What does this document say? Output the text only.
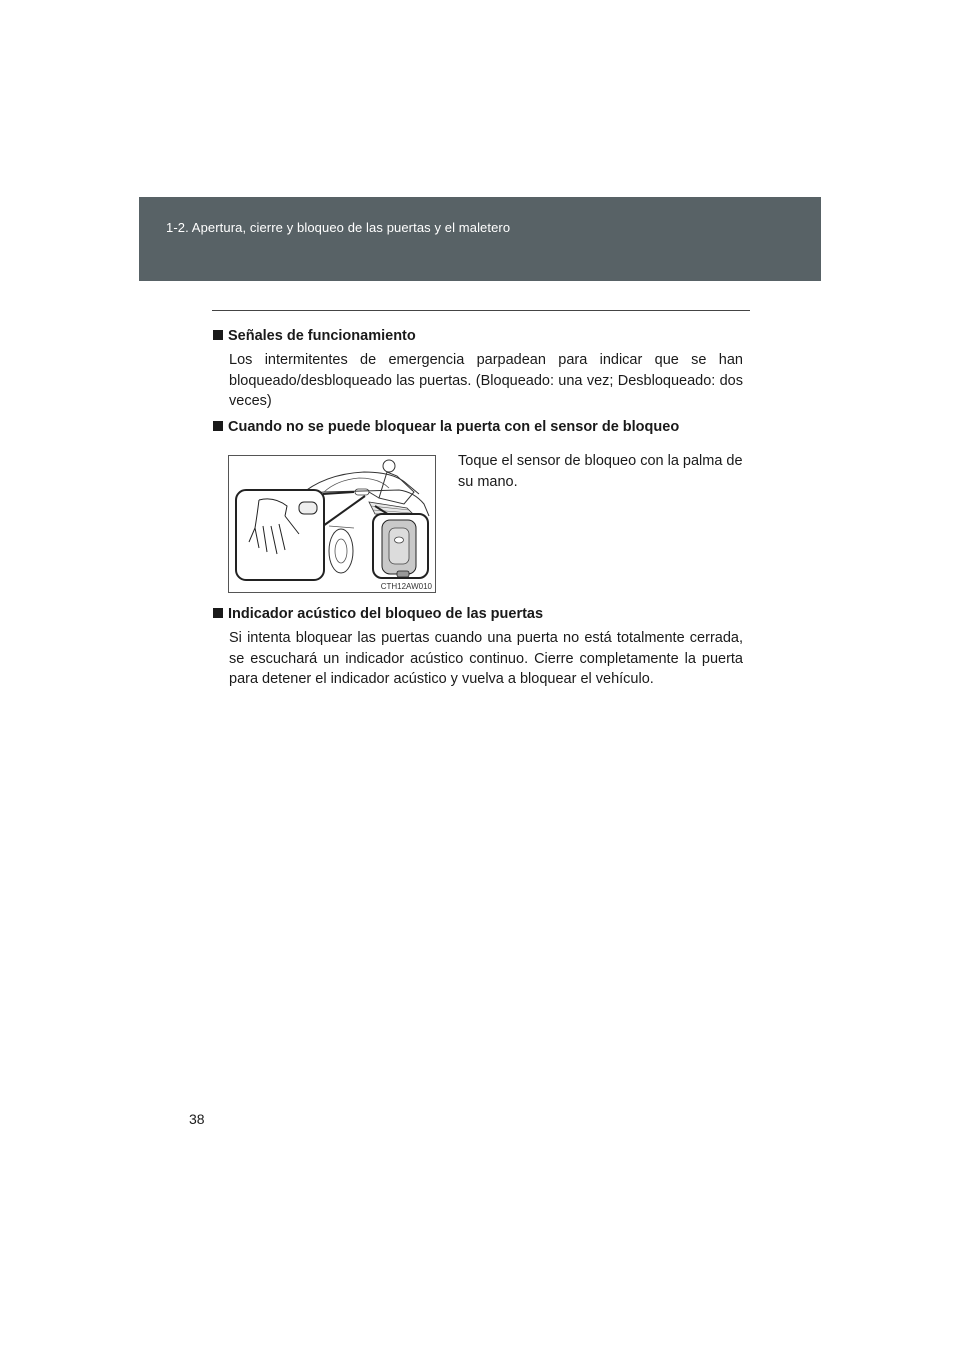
1-2. Apertura, cierre y bloqueo de las puertas y el maletero
Señales de funcionamiento
Los intermitentes de emergencia parpadean para indicar que se han bloqueado/desbloqueado las puertas. (Bloqueado: una vez; Desbloqueado: dos veces)
Cuando no se puede bloquear la puerta con el sensor de bloqueo
CTH12AW010
Toque el sensor de bloqueo con la palma de su mano.
Indicador acústico del bloqueo de las puertas
Si intenta bloquear las puertas cuando una puerta no está totalmente cerrada, se escuchará un indicador acústico continuo. Cierre completamente la puerta para detener el indicador acústico y vuelva a bloquear el vehículo.
38
